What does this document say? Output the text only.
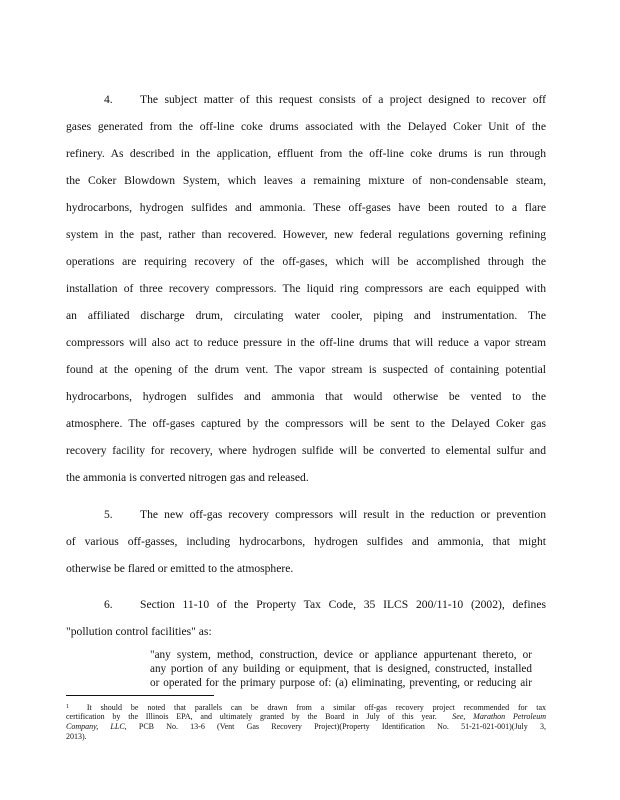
4. The subject matter of this request consists of a project designed to recover off
gases generated from the off-line coke drums associated with the Delayed Coker Unit of the
refinery. As described in the application, effluent from the off-line coke drums is run through
the Coker Blowdown System, which leaves a remaining mixture of non-condensable steam,
hydrocarbons, hydrogen sulfides and ammonia. These off-gases have been routed to a flare
system in the past, rather than recovered. However, new federal regulations governing refining
operations are requiring recovery of the off-gases, which will be accomplished through the
installation of three recovery compressors. The liquid ring compressors are each equipped with
an affiliated discharge drum, circulating water cooler, piping and instrumentation. The
compressors will also act to reduce pressure in the off-line drums that will reduce a vapor stream
found at the opening of the drum vent. The vapor stream is suspected of containing potential
hydrocarbons, hydrogen sulfides and ammonia that would otherwise be vented to the
atmosphere. The off-gases captured by the compressors will be sent to the Delayed Coker gas
recovery facility for recovery, where hydrogen sulfide will be converted to elemental sulfur and
the ammonia is converted nitrogen gas and released.
5. The new off-gas recovery compressors will result in the reduction or prevention
of various off-gasses, including hydrocarbons, hydrogen sulfides and ammonia, that might
otherwise be flared or emitted to the atmosphere.
6. Section 11-10 of the Property Tax Code, 35 ILCS 200/11-10 (2002), defines
"pollution control facilities" as:
"any system, method, construction, device or appliance appurtenant thereto, or
any portion of any building or equipment, that is designed, constructed, installed
or operated for the primary purpose of: (a) eliminating, preventing, or reducing air
$^1$ It should be noted that parallels can be drawn from a similar off-gas recovery project recommended for tax
certification by the Illinois EPA, and ultimately granted by the Board in July of this year. See, Marathon Petroleum
Company, LLC, PCB No. 13-6 (Vent Gas Recovery Project)(Property Identification No. 51-21-021-001)(July 3,
2013).
